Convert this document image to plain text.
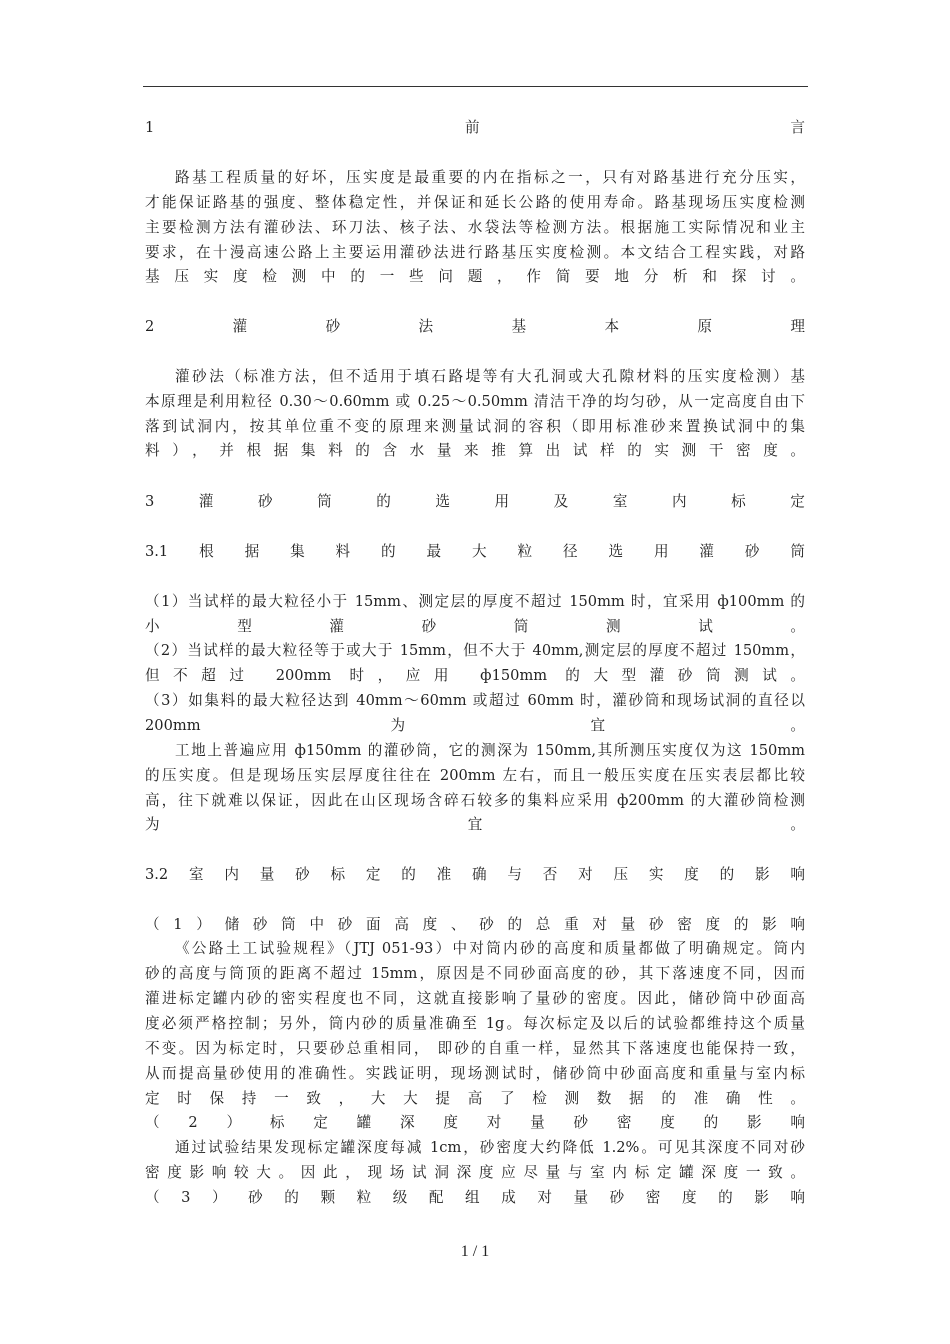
1	前	言
路基工程质量的好坏，压实度是最重要的内在指标之一，只有对路基进行充分压实，
才能保证路基的强度、整体稳定性，并保证和延长公路的使用寿命。路基现场压实度检测
主要检测方法有灌砂法、环刀法、核子法、水袋法等检测方法。根据施工实际情况和业主
要求，在十漫高速公路上主要运用灌砂法进行路基压实度检测。本文结合工程实践，对路
基压实度检测中的一些问题，作简要地分析和探讨。
2	灌	砂	法	基	本	原	理
灌砂法（标准方法，但不适用于填石路堤等有大孔洞或大孔隙材料的压实度检测）基
本原理是利用粒径 0.30～0.60mm 或 0.25～0.50mm 清洁干净的均匀砂，从一定高度自由下
落到试洞内，按其单位重不变的原理来测量试洞的容积（即用标准砂来置换试洞中的集
料），并根据集料的含水量来推算出试样的实测干密度。
3	灌	砂	筒	的	选	用	及	室	内	标	定
3.1 根 据 集 料 的 最 大 粒 径 选 用 灌 砂 筒
（1）当试样的最大粒径小于 15mm、测定层的厚度不超过 150mm 时，宜采用 ф100mm 的
小型灌砂筒测试。
（2）当试样的最大粒径等于或大于 15mm，但不大于 40mm,测定层的厚度不超过 150mm，
但不超过 200mm 时，应用 ф150mm 的大型灌砂筒测试。
（3）如集料的最大粒径达到 40mm～60mm 或超过 60mm 时，灌砂筒和现场试洞的直径以
200mm 为宜。
工地上普遍应用 ф150mm 的灌砂筒，它的测深为 150mm,其所测压实度仅为这 150mm
的压实度。但是现场压实层厚度往往在 200mm 左右，而且一般压实度在压实表层都比较
高，往下就难以保证，因此在山区现场含碎石较多的集料应采用 ф200mm 的大灌砂筒检测
为宜。
3.2 室 内 量 砂 标 定 的 准 确 与 否 对 压 实 度 的 影 响
（1）储砂筒中砂面高度、砂的总重对量砂密度的影响
《公路土工试验规程》（JTJ 051-93）中对筒内砂的高度和质量都做了明确规定。筒内
砂的高度与筒顶的距离不超过 15mm，原因是不同砂面高度的砂，其下落速度不同，因而
灌进标定罐内砂的密实程度也不同，这就直接影响了量砂的密度。因此，储砂筒中砂面高
度必须严格控制；另外，筒内砂的质量准确至 1g。每次标定及以后的试验都维持这个质量
不变。因为标定时，只要砂总重相同， 即砂的自重一样，显然其下落速度也能保持一致，
从而提高量砂使用的准确性。实践证明，现场测试时，储砂筒中砂面高度和重量与室内标
定时保持一致，大大提高了检测数据的准确性。
（2）标定罐深度对量砂密度的影响
通过试验结果发现标定罐深度每减 1cm，砂密度大约降低 1.2%。可见其深度不同对砂
密度影响较大。因此，现场试洞深度应尽量与室内标定罐深度一致。
（3）砂的颗粒级配组成对量砂密度的影响
1 / 1
